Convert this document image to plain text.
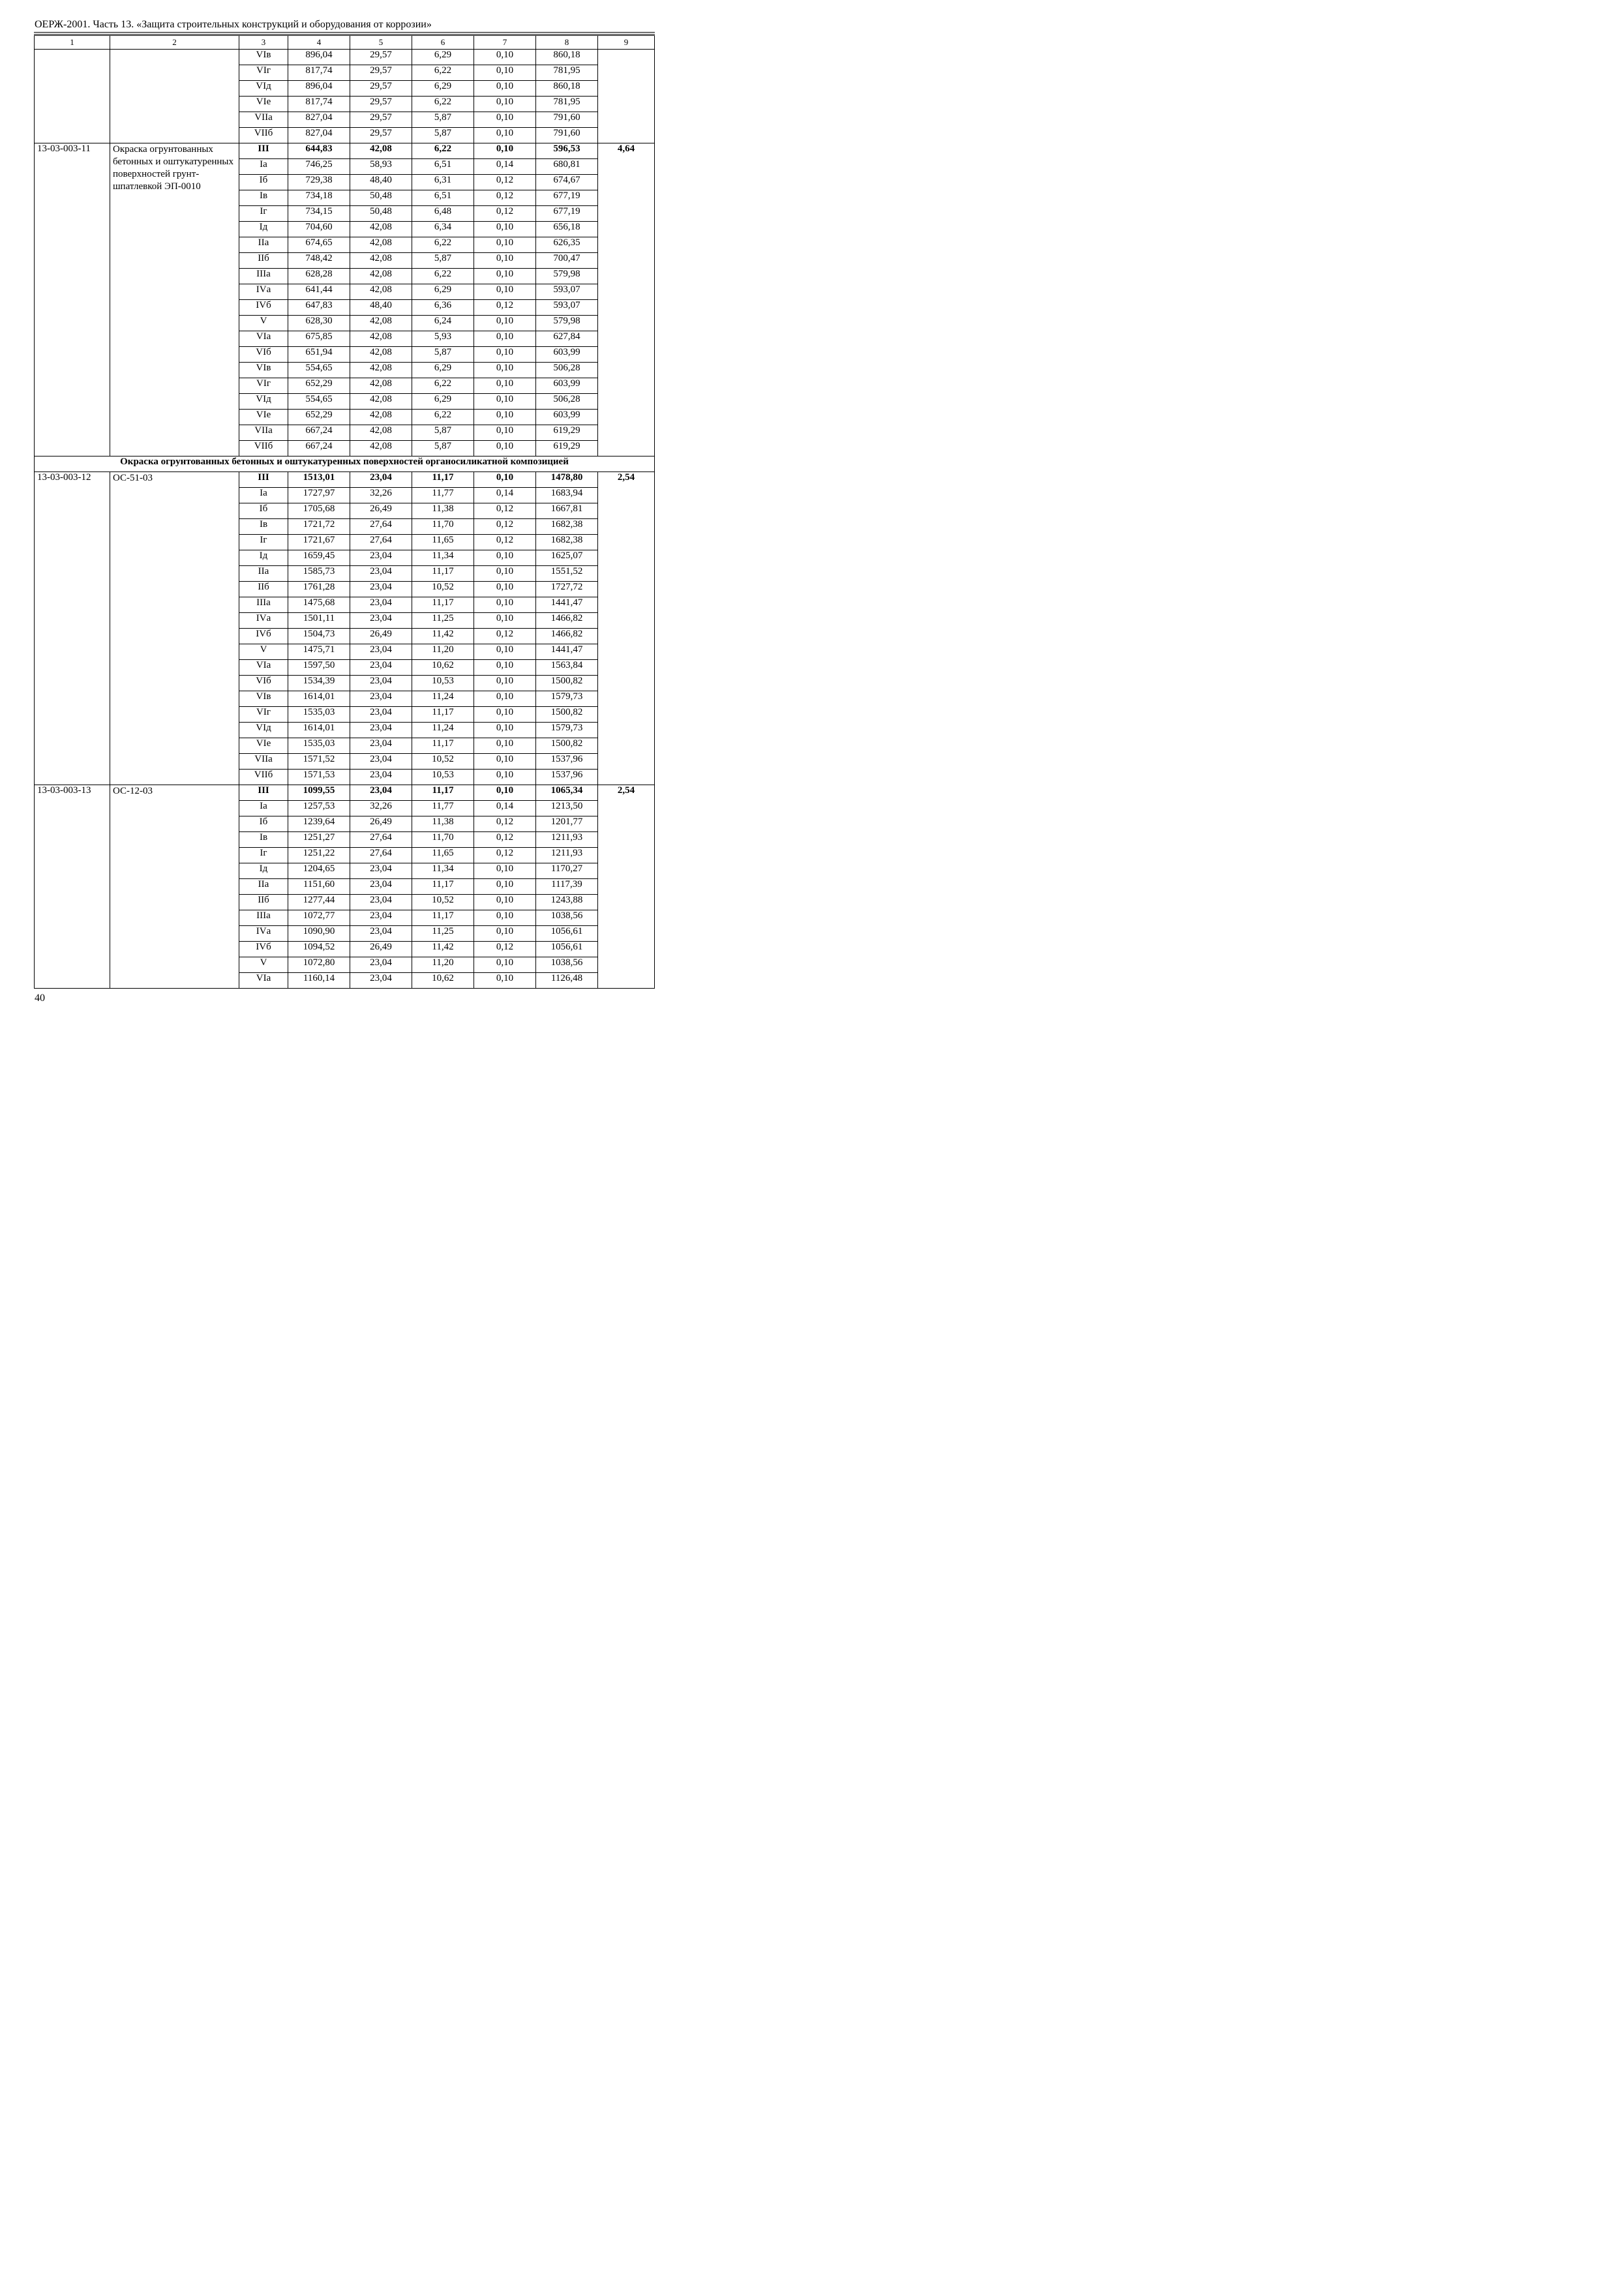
ОЕРЖ-2001. Часть 13. «Защита строительных конструкций и оборудования от коррозии»
1	2	3	4	5	6	7	8	9
		VIв	896,04	29,57	6,29	0,10	860,18	
		VIг	817,74	29,57	6,22	0,10	781,95	
		VIд	896,04	29,57	6,29	0,10	860,18	
		VIе	817,74	29,57	6,22	0,10	781,95	
		VIIа	827,04	29,57	5,87	0,10	791,60	
		VIIб	827,04	29,57	5,87	0,10	791,60	
13-03-003-11	Окраска огрунтованных бетонных и оштукатуренных поверхностей грунт-шпатлевкой ЭП-0010	III	644,83	42,08	6,22	0,10	596,53	4,64
		Iа	746,25	58,93	6,51	0,14	680,81	
		Iб	729,38	48,40	6,31	0,12	674,67	
		Iв	734,18	50,48	6,51	0,12	677,19	
		Iг	734,15	50,48	6,48	0,12	677,19	
		Iд	704,60	42,08	6,34	0,10	656,18	
		IIа	674,65	42,08	6,22	0,10	626,35	
		IIб	748,42	42,08	5,87	0,10	700,47	
		IIIа	628,28	42,08	6,22	0,10	579,98	
		IVа	641,44	42,08	6,29	0,10	593,07	
		IVб	647,83	48,40	6,36	0,12	593,07	
		V	628,30	42,08	6,24	0,10	579,98	
		VIа	675,85	42,08	5,93	0,10	627,84	
		VIб	651,94	42,08	5,87	0,10	603,99	
		VIв	554,65	42,08	6,29	0,10	506,28	
		VIг	652,29	42,08	6,22	0,10	603,99	
		VIд	554,65	42,08	6,29	0,10	506,28	
		VIе	652,29	42,08	6,22	0,10	603,99	
		VIIа	667,24	42,08	5,87	0,10	619,29	
		VIIб	667,24	42,08	5,87	0,10	619,29	
Окраска огрунтованных бетонных и оштукатуренных поверхностей органосиликатной композицией								
13-03-003-12	ОС-51-03	III	1513,01	23,04	11,17	0,10	1478,80	2,54
		Iа	1727,97	32,26	11,77	0,14	1683,94	
		Iб	1705,68	26,49	11,38	0,12	1667,81	
		Iв	1721,72	27,64	11,70	0,12	1682,38	
		Iг	1721,67	27,64	11,65	0,12	1682,38	
		Iд	1659,45	23,04	11,34	0,10	1625,07	
		IIа	1585,73	23,04	11,17	0,10	1551,52	
		IIб	1761,28	23,04	10,52	0,10	1727,72	
		IIIа	1475,68	23,04	11,17	0,10	1441,47	
		IVа	1501,11	23,04	11,25	0,10	1466,82	
		IVб	1504,73	26,49	11,42	0,12	1466,82	
		V	1475,71	23,04	11,20	0,10	1441,47	
		VIа	1597,50	23,04	10,62	0,10	1563,84	
		VIб	1534,39	23,04	10,53	0,10	1500,82	
		VIв	1614,01	23,04	11,24	0,10	1579,73	
		VIг	1535,03	23,04	11,17	0,10	1500,82	
		VIд	1614,01	23,04	11,24	0,10	1579,73	
		VIе	1535,03	23,04	11,17	0,10	1500,82	
		VIIа	1571,52	23,04	10,52	0,10	1537,96	
		VIIб	1571,53	23,04	10,53	0,10	1537,96	
13-03-003-13	ОС-12-03	III	1099,55	23,04	11,17	0,10	1065,34	2,54
		Iа	1257,53	32,26	11,77	0,14	1213,50	
		Iб	1239,64	26,49	11,38	0,12	1201,77	
		Iв	1251,27	27,64	11,70	0,12	1211,93	
		Iг	1251,22	27,64	11,65	0,12	1211,93	
		Iд	1204,65	23,04	11,34	0,10	1170,27	
		IIа	1151,60	23,04	11,17	0,10	1117,39	
		IIб	1277,44	23,04	10,52	0,10	1243,88	
		IIIа	1072,77	23,04	11,17	0,10	1038,56	
		IVа	1090,90	23,04	11,25	0,10	1056,61	
		IVб	1094,52	26,49	11,42	0,12	1056,61	
		V	1072,80	23,04	11,20	0,10	1038,56	
		VIа	1160,14	23,04	10,62	0,10	1126,48	
40
